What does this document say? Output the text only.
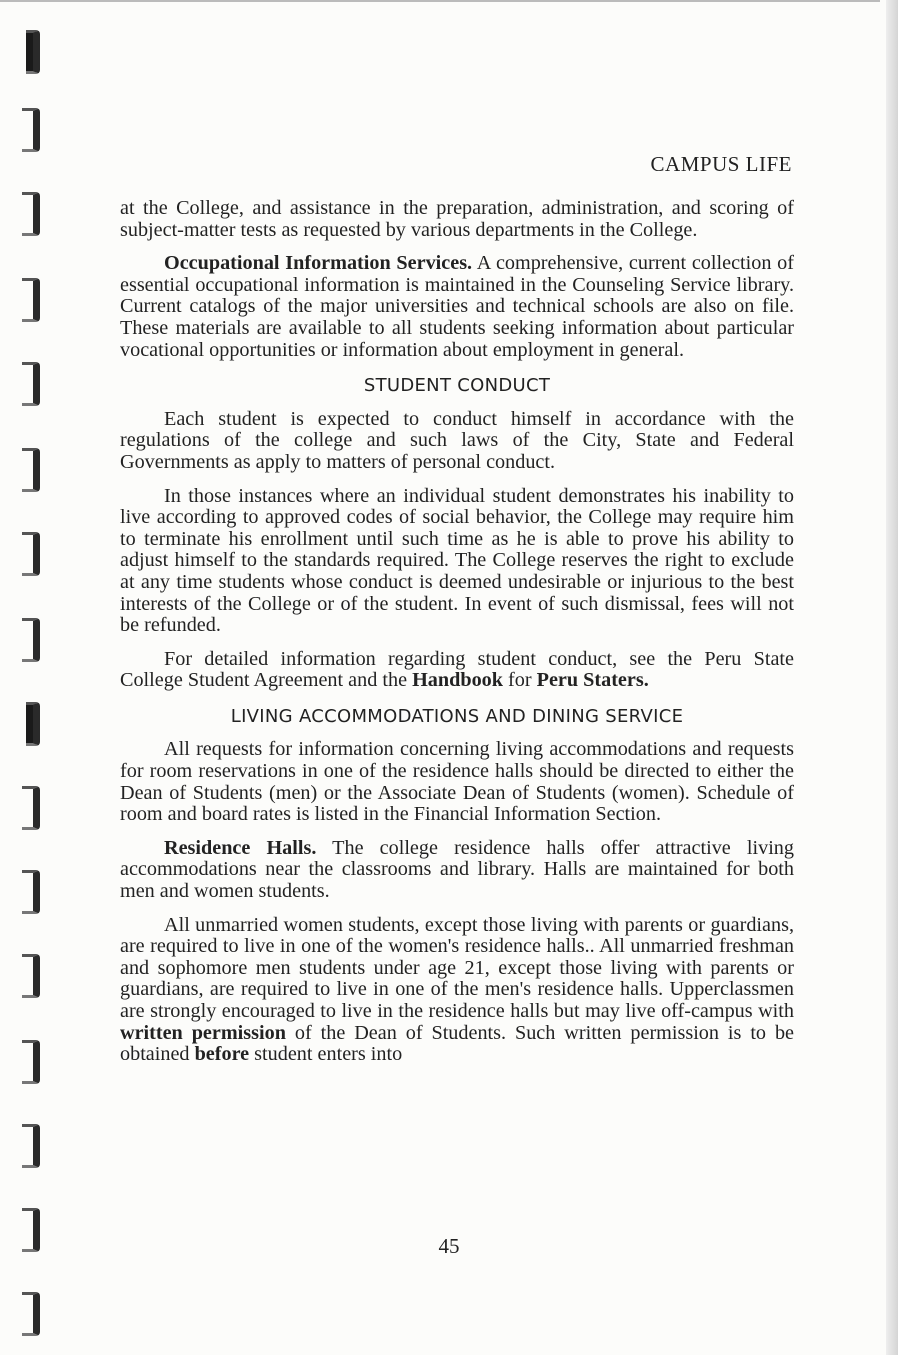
CAMPUS LIFE

at the College, and assistance in the preparation, administration, and scoring of subject-matter tests as requested by various departments in the College.

Occupational Information Services. A comprehensive, current collection of essential occupational information is maintained in the Counseling Service library. Current catalogs of the major universities and technical schools are also on file. These materials are available to all students seeking information about particular vocational opportunities or information about employment in general.

STUDENT CONDUCT

Each student is expected to conduct himself in accordance with the regulations of the college and such laws of the City, State and Federal Governments as apply to matters of personal conduct.

In those instances where an individual student demonstrates his inability to live according to approved codes of social behavior, the College may require him to terminate his enrollment until such time as he is able to prove his ability to adjust himself to the standards required. The College reserves the right to exclude at any time students whose conduct is deemed undesirable or injurious to the best interests of the College or of the student. In event of such dismissal, fees will not be refunded.

For detailed information regarding student conduct, see the Peru State College Student Agreement and the Handbook for Peru Staters.

LIVING ACCOMMODATIONS AND DINING SERVICE

All requests for information concerning living accommodations and requests for room reservations in one of the residence halls should be directed to either the Dean of Students (men) or the Associate Dean of Students (women). Schedule of room and board rates is listed in the Financial Information Section.

Residence Halls. The college residence halls offer attractive living accommodations near the classrooms and library. Halls are maintained for both men and women students.

All unmarried women students, except those living with parents or guardians, are required to live in one of the women's residence halls.. All unmarried freshman and sophomore men students under age 21, except those living with parents or guardians, are required to live in one of the men's residence halls. Upperclassmen are strongly encouraged to live in the residence halls but may live off-campus with written permission of the Dean of Students. Such written permission is to be obtained before student enters into

45
